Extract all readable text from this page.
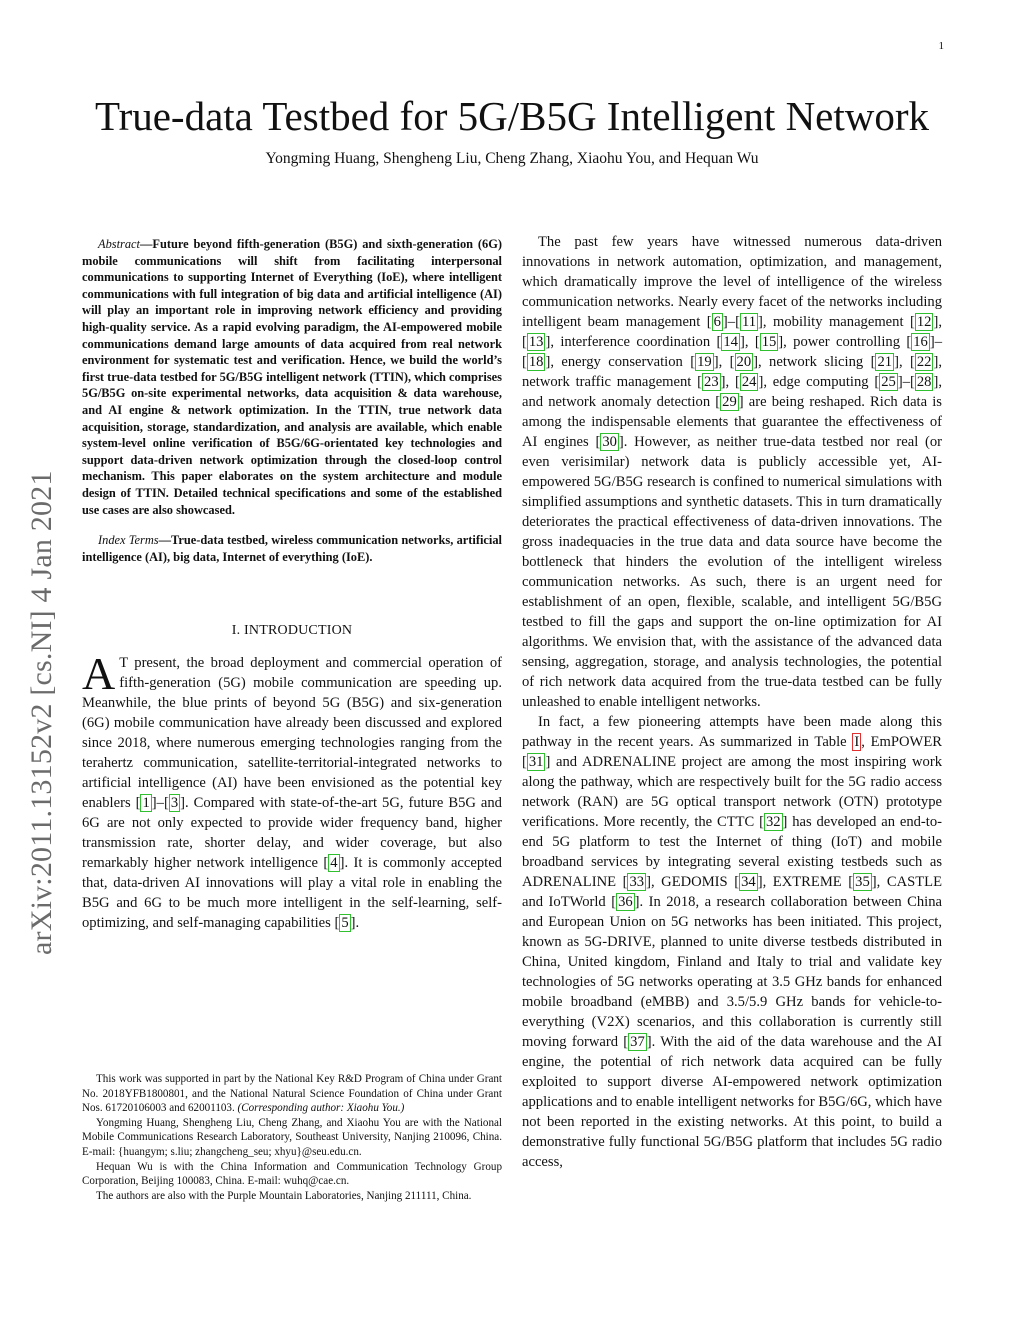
1
arXiv:2011.13152v2 [cs.NI] 4 Jan 2021
True-data Testbed for 5G/B5G Intelligent Network
Yongming Huang, Shengheng Liu, Cheng Zhang, Xiaohu You, and Hequan Wu

Abstract—Future beyond fifth-generation (B5G) and sixth-generation (6G) mobile communications will shift from facilitating interpersonal communications to supporting Internet of Everything (IoE), where intelligent communications with full integration of big data and artificial intelligence (AI) will play an important role in improving network efficiency and providing high-quality service. As a rapid evolving paradigm, the AI-empowered mobile communications demand large amounts of data acquired from real network environment for systematic test and verification. Hence, we build the world’s first true-data testbed for 5G/B5G intelligent network (TTIN), which comprises 5G/B5G on-site experimental networks, data acquisition & data warehouse, and AI engine & network optimization. In the TTIN, true network data acquisition, storage, standardization, and analysis are available, which enable system-level online verification of B5G/6G-orientated key technologies and support data-driven network optimization through the closed-loop control mechanism. This paper elaborates on the system architecture and module design of TTIN. Detailed technical specifications and some of the established use cases are also showcased.

Index Terms—True-data testbed, wireless communication networks, artificial intelligence (AI), big data, Internet of everything (IoE).

I. INTRODUCTION

A T present, the broad deployment and commercial operation of fifth-generation (5G) mobile communication are speeding up. Meanwhile, the blue prints of beyond 5G (B5G) and six-generation (6G) mobile communication have already been discussed and explored since 2018, where numerous emerging technologies ranging from the terahertz communication, satellite-territorial-integrated networks to artificial intelligence (AI) have been envisioned as the potential key enablers [ 1 ]–[ 3 ]. Compared with state-of-the-art 5G, future B5G and 6G are not only expected to provide wider frequency band, higher transmission rate, shorter delay, and wider coverage, but also remarkably higher network intelligence [ 4 ]. It is commonly accepted that, data-driven AI innovations will play a vital role in enabling the B5G and 6G to be much more intelligent in the self-learning, self-optimizing, and self-managing capabilities [ 5 ].

This work was supported in part by the National Key R&D Program of China under Grant No. 2018YFB1800801, and the National Natural Science Foundation of China under Grant Nos. 61720106003 and 62001103. (Corresponding author: Xiaohu You.)

Yongming Huang, Shengheng Liu, Cheng Zhang, and Xiaohu You are with the National Mobile Communications Research Laboratory, Southeast University, Nanjing 210096, China. E-mail: {huangym; s.liu; zhangcheng_seu; xhyu}@seu.edu.cn.

Hequan Wu is with the China Information and Communication Technology Group Corporation, Beijing 100083, China. E-mail: wuhq@cae.cn.

The authors are also with the Purple Mountain Laboratories, Nanjing 211111, China.

The past few years have witnessed numerous data-driven innovations in network automation, optimization, and management, which dramatically improve the level of intelligence of the wireless communication networks. Nearly every facet of the networks including intelligent beam management [ 6 ]–[ 11 ], mobility management [ 12 ], [ 13 ], interference coordination [ 14 ], [ 15 ], power controlling [ 16 ]–[ 18 ], energy conservation [ 19 ], [ 20 ], network slicing [ 21 ], [ 22 ], network traffic management [ 23 ], [ 24 ], edge computing [ 25 ]–[ 28 ], and network anomaly detection [ 29 ] are being reshaped. Rich data is among the indispensable elements that guarantee the effectiveness of AI engines [ 30 ]. However, as neither true-data testbed nor real (or even verisimilar) network data is publicly accessible yet, AI-empowered 5G/B5G research is confined to numerical simulations with simplified assumptions and synthetic datasets. This in turn dramatically deteriorates the practical effectiveness of data-driven innovations. The gross inadequacies in the true data and data source have become the bottleneck that hinders the evolution of the intelligent wireless communication networks. As such, there is an urgent need for establishment of an open, flexible, scalable, and intelligent 5G/B5G testbed to fill the gaps and support the on-line optimization for AI algorithms. We envision that, with the assistance of the advanced data sensing, aggregation, storage, and analysis technologies, the potential of rich network data acquired from the true-data testbed can be fully unleashed to enable intelligent networks.

In fact, a few pioneering attempts have been made along this pathway in the recent years. As summarized in Table I , EmPOWER [ 31 ] and ADRENALINE project are among the most inspiring work along the pathway, which are respectively built for the 5G radio access network (RAN) are 5G optical transport network (OTN) prototype verifications. More recently, the CTTC [ 32 ] has developed an end-to-end 5G platform to test the Internet of thing (IoT) and mobile broadband services by integrating several existing testbeds such as ADRENALINE [ 33 ], GEDOMIS [ 34 ], EXTREME [ 35 ], CASTLE and IoTWorld [ 36 ]. In 2018, a research collaboration between China and European Union on 5G networks has been initiated. This project, known as 5G-DRIVE, planned to unite diverse testbeds distributed in China, United kingdom, Finland and Italy to trial and validate key technologies of 5G networks operating at 3.5 GHz bands for enhanced mobile broadband (eMBB) and 3.5/5.9 GHz bands for vehicle-to-everything (V2X) scenarios, and this collaboration is currently still moving forward [ 37 ]. With the aid of the data warehouse and the AI engine, the potential of rich network data acquired can be fully exploited to support diverse AI-empowered network optimization applications and to enable intelligent networks for B5G/6G, which have not been reported in the existing networks. At this point, to build a demonstrative fully functional 5G/B5G platform that includes 5G radio access,
